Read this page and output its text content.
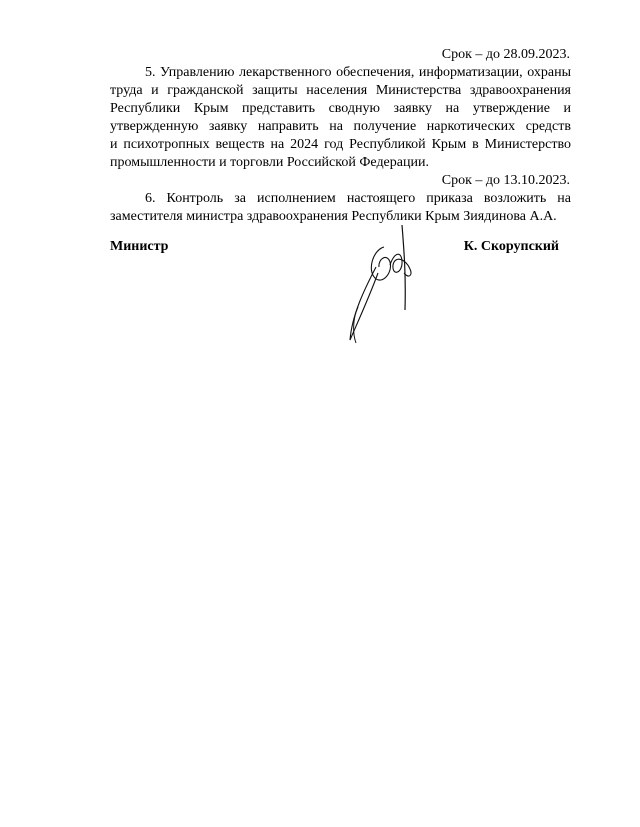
Срок – до 28.09.2023.
5. Управлению лекарственного обеспечения, информатизации, охраны
труда и гражданской защиты населения Министерства здравоохранения
Республики Крым представить сводную заявку на утверждение и
утвержденную заявку направить на получение наркотических средств
и психотропных веществ на 2024 год Республикой Крым в Министерство
промышленности и торговли Российской Федерации.
Срок – до 13.10.2023.
6. Контроль за исполнением настоящего приказа возложить на
заместителя министра здравоохранения Республики Крым Зиядинова А.А.
Министр	К. Скорупский
